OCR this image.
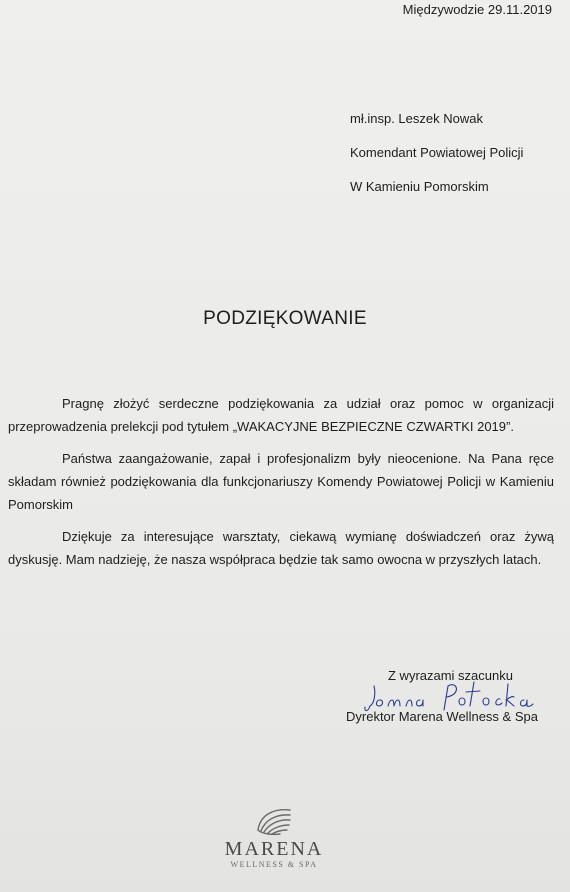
Międzywodzie 29.11.2019
mł.insp. Leszek Nowak
Komendant Powiatowej Policji
W Kamieniu Pomorskim
PODZIĘKOWANIE

Pragnę złożyć serdeczne podziękowania za udział oraz pomoc w organizacji przeprowadzenia prelekcji pod tytułem „WAKACYJNE BEZPIECZNE CZWARTKI 2019”.

Państwa zaangażowanie, zapał i profesjonalizm były nieocenione. Na Pana ręce składam również podziękowania dla funkcjonariuszy Komendy Powiatowej Policji w Kamieniu Pomorskim

Dziękuje za interesujące warsztaty, ciekawą wymianę doświadczeń oraz żywą dyskusję. Mam nadzieję, że nasza współpraca będzie tak samo owocna w przyszłych latach.

Z wyrazami szacunku
Dyrektor Marena Wellness & Spa
MARENA
WELLNESS & SPA
